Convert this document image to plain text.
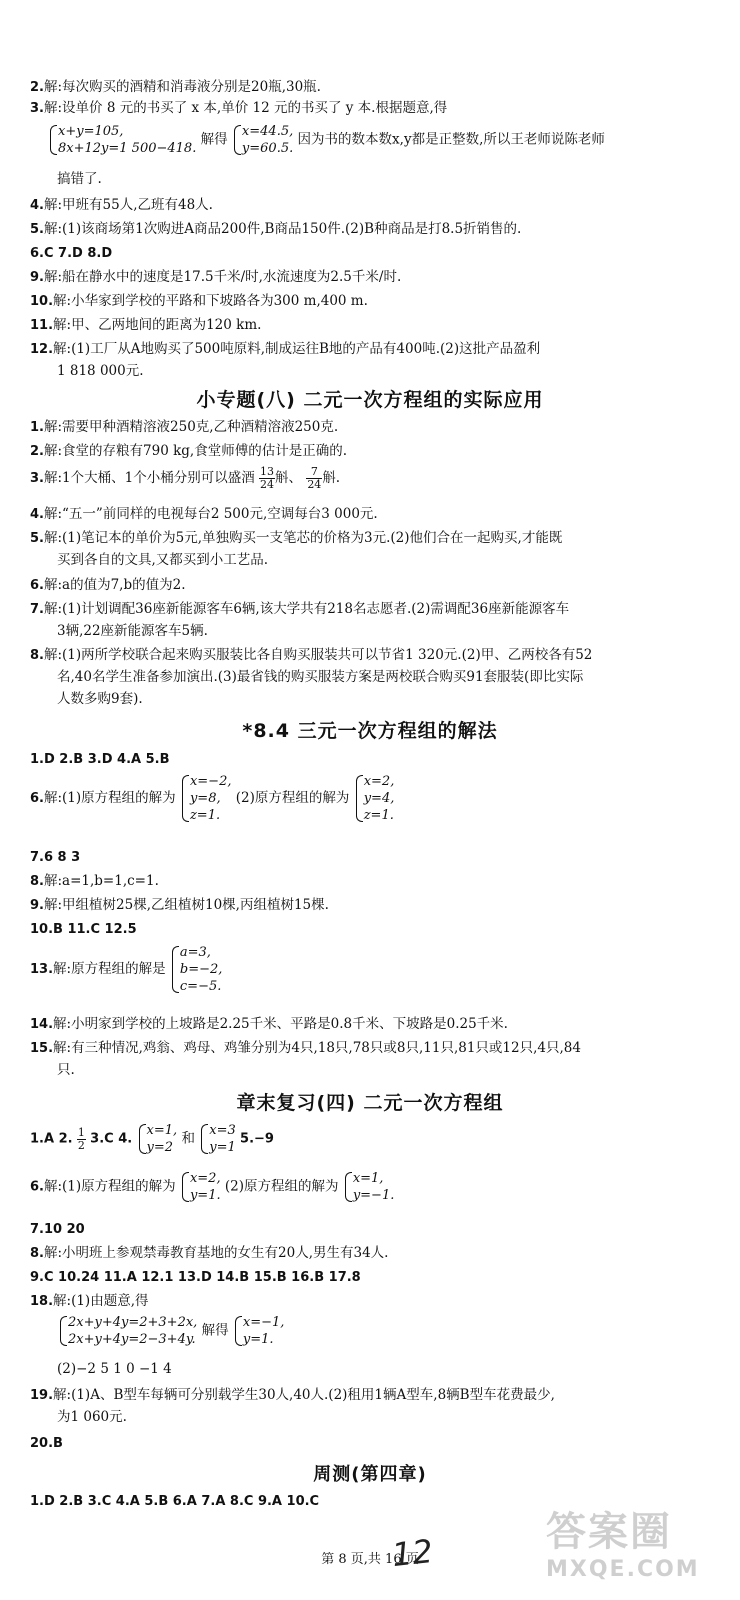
2.解:每次购买的酒精和消毒液分别是20瓶,30瓶.
3.解:设单价 8 元的书买了 x 本,单价 12 元的书买了 y 本.根据题意,得
x+y=105,
8x+12y=1 500−418.
解得 x=44.5,
y=60.5.
因为书的数本数x,y都是正整数,所以王老师说陈老师
搞错了.
4.解:甲班有55人,乙班有48人.
5.解:(1)该商场第1次购进A商品200件,B商品150件.(2)B种商品是打8.5折销售的.
6.C 7.D 8.D
9.解:船在静水中的速度是17.5千米/时,水流速度为2.5千米/时.
10.解:小华家到学校的平路和下坡路各为300 m,400 m.
11.解:甲、乙两地间的距离为120 km.
12.解:(1)工厂从A地购买了500吨原料,制成运往B地的产品有400吨.(2)这批产品盈利
1 818 000元.
小专题(八) 二元一次方程组的实际应用
1.解:需要甲种酒精溶液250克,乙种酒精溶液250克.
2.解:食堂的存粮有790 kg,食堂师傅的估计是正确的.
3.解:1个大桶、1个小桶分别可以盛酒 $\frac{13}{24}$ 斛、 $\frac{7}{24}$ 斛.
4.解:“五一”前同样的电视每台2 500元,空调每台3 000元.
5.解:(1)笔记本的单价为5元,单独购买一支笔芯的价格为3元.(2)他们合在一起购买,才能既
买到各自的文具,又都买到小工艺品.
6.解:a的值为7,b的值为2.
7.解:(1)计划调配36座新能源客车6辆,该大学共有218名志愿者.(2)需调配36座新能源客车
3辆,22座新能源客车5辆.
8.解:(1)两所学校联合起来购买服装比各自购买服装共可以节省1 320元.(2)甲、乙两校各有52
名,40名学生准备参加演出.(3)最省钱的购买服装方案是两校联合购买91套服装(即比实际
人数多购9套).
*8.4 三元一次方程组的解法
1.D 2.B 3.D 4.A 5.B
6.解:(1)原方程组的解为
x=−2,
y=8,
z=1.
(2)原方程组的解为
x=2,
y=4,
z=1.
7.6 8 3
8.解:a=1,b=1,c=1.
9.解:甲组植树25棵,乙组植树10棵,丙组植树15棵.
10.B 11.C 12.5
13.解:原方程组的解是
a=3,
b=−2,
c=−5.
14.解:小明家到学校的上坡路是2.25千米、平路是0.8千米、下坡路是0.25千米.
15.解:有三种情况,鸡翁、鸡母、鸡雏分别为4只,18只,78只或8只,11只,81只或12只,4只,84
只.
章末复习(四) 二元一次方程组
1.A 2. $\frac{1}{2} 3.C$ 4.
x=1,
y=2
和 x=3
y=1
5.−9
6.解:(1)原方程组的解为 x=2,
y=1.
(2)原方程组的解为 x=1,
y=−1.
7.10 20
8.解:小明班上参观禁毒教育基地的女生有20人,男生有34人.
9.C 10.24 11.A 12.1 13.D 14.B 15.B 16.B 17.8
18.解:(1)由题意,得
2x+y+4y=2+3+2x,
2x+y+4y=2−3+4y.
解得 x=−1,
y=1.
(2)−2 5 1 0 −1 4
19.解:(1)A、B型车每辆可分别载学生30人,40人.(2)租用1辆A型车,8辆B型车花费最少,
为1 060元.
20.B
周测(第四章)
1.D 2.B 3.C 4.A 5.B 6.A 7.A 8.C 9.A 10.C
第 8 页,共 16 页
12	答案圈
MXQE.COM
